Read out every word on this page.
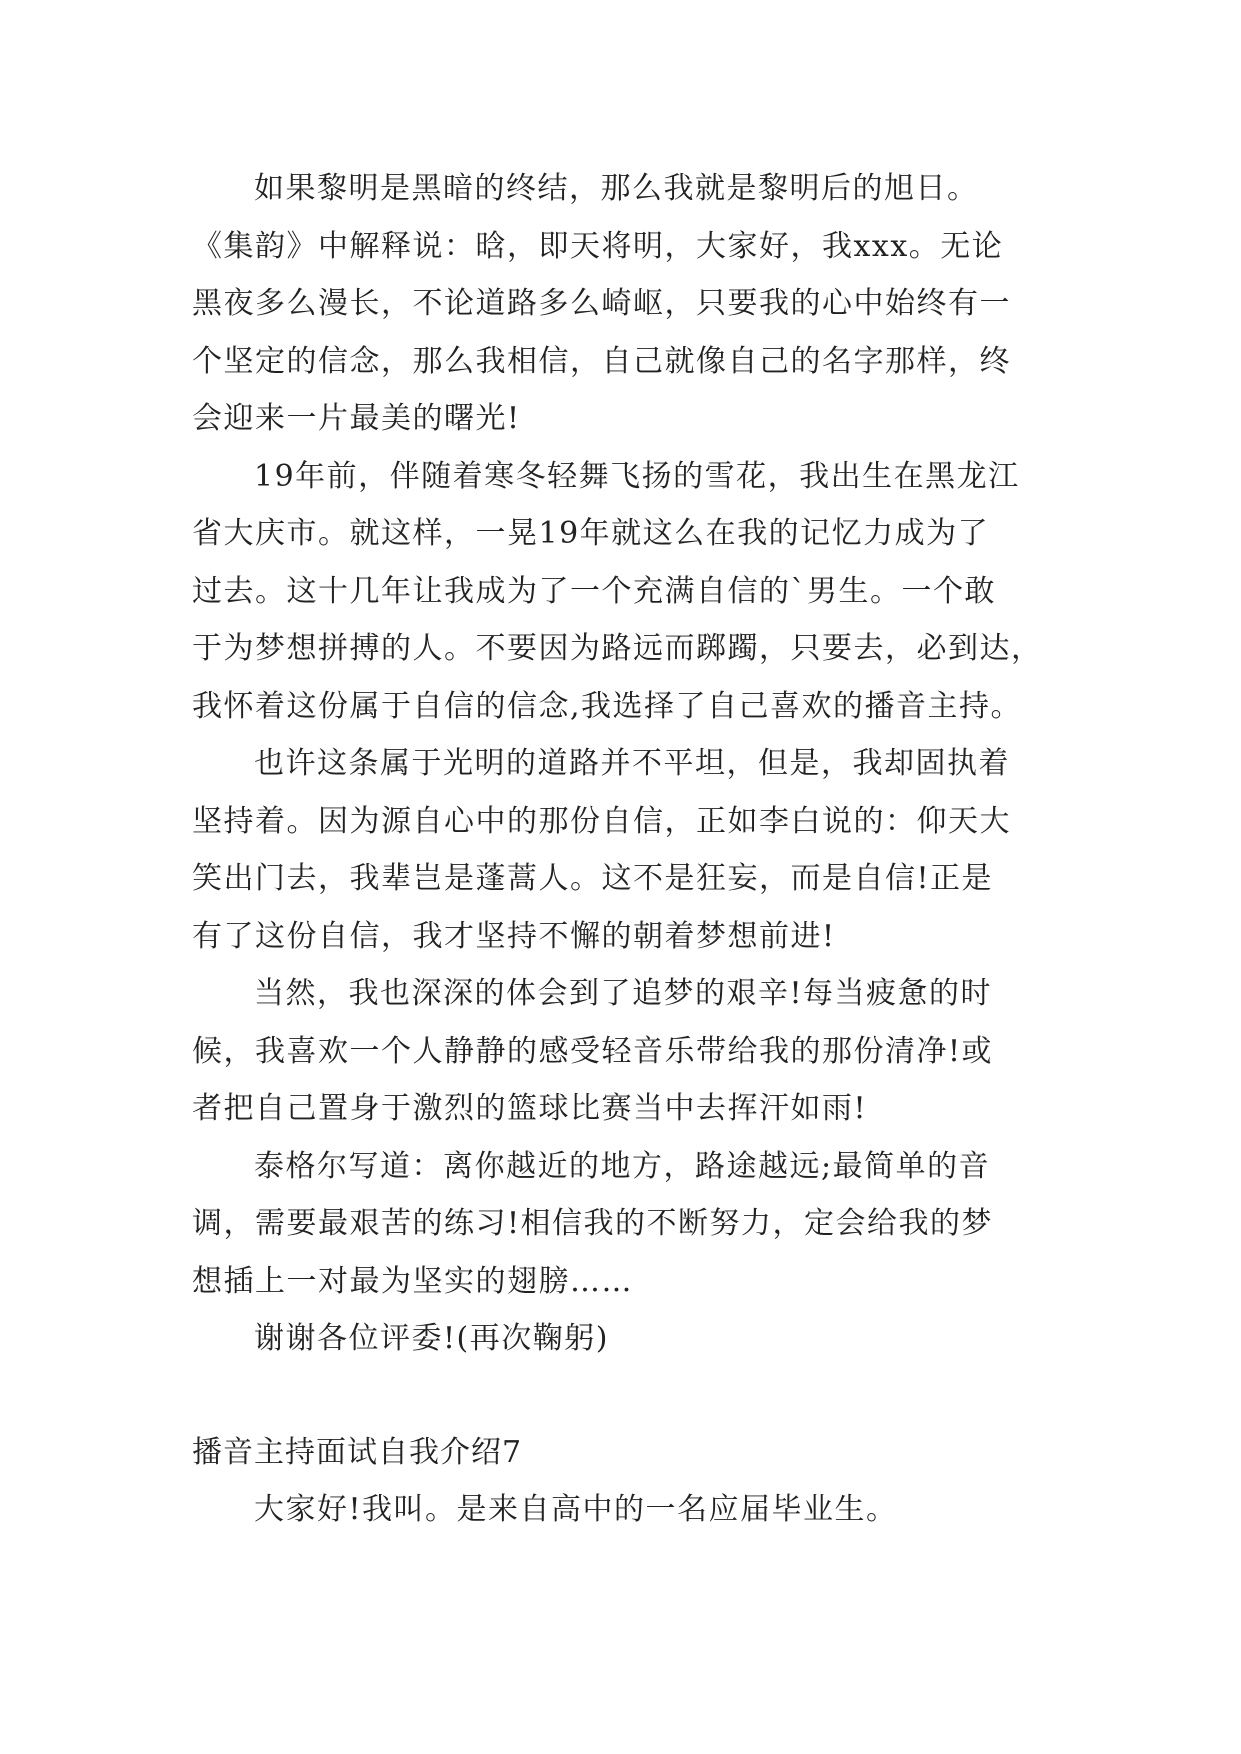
如果黎明是黑暗的终结，那么我就是黎明后的旭日。
《集韵》中解释说：晗，即天将明，大家好，我xxx。无论
黑夜多么漫长，不论道路多么崎岖，只要我的心中始终有一
个坚定的信念，那么我相信，自己就像自己的名字那样，终
会迎来一片最美的曙光!

19年前，伴随着寒冬轻舞飞扬的雪花，我出生在黑龙江
省大庆市。就这样，一晃19年就这么在我的记忆力成为了
过去。这十几年让我成为了一个充满自信的`男生。一个敢
于为梦想拼搏的人。不要因为路远而踯躅，只要去，必到达，
我怀着这份属于自信的信念,我选择了自己喜欢的播音主持。

也许这条属于光明的道路并不平坦，但是，我却固执着
坚持着。因为源自心中的那份自信，正如李白说的：仰天大
笑出门去，我辈岂是蓬蒿人。这不是狂妄，而是自信!正是
有了这份自信，我才坚持不懈的朝着梦想前进!

当然，我也深深的体会到了追梦的艰辛!每当疲惫的时
候，我喜欢一个人静静的感受轻音乐带给我的那份清净!或
者把自己置身于激烈的篮球比赛当中去挥汗如雨!

泰格尔写道：离你越近的地方，路途越远;最简单的音
调，需要最艰苦的练习!相信我的不断努力，定会给我的梦
想插上一对最为坚实的翅膀……

谢谢各位评委!(再次鞠躬)

播音主持面试自我介绍7

大家好!我叫。是来自高中的一名应届毕业生。
